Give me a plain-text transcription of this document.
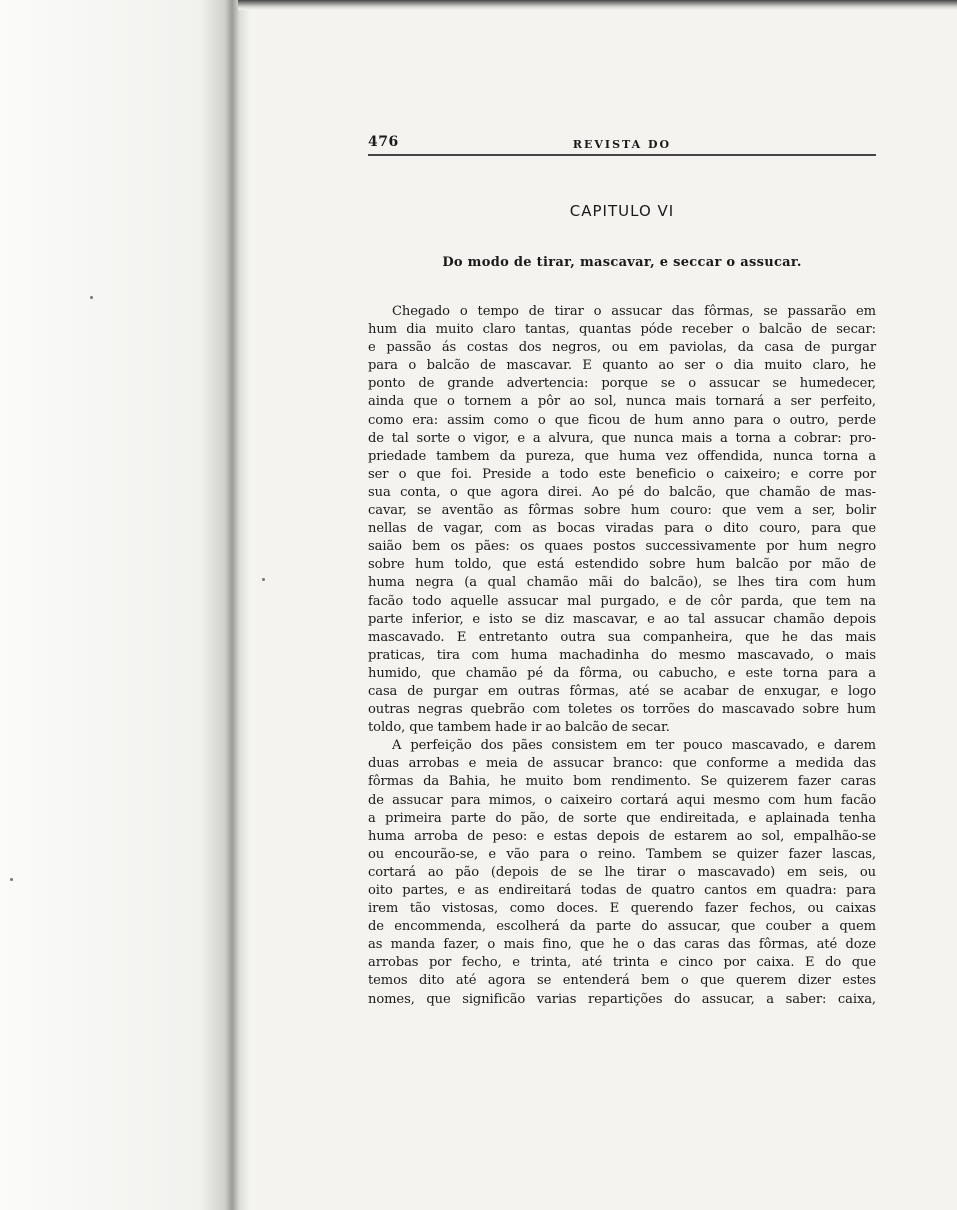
476	REVISTA DO
CAPITULO VI
Do modo de tirar, mascavar, e seccar o assucar.
Chegado o tempo de tirar o assucar das fôrmas, se passarão em
hum dia muito claro tantas, quantas póde receber o balcão de secar:
e passão ás costas dos negros, ou em paviolas, da casa de purgar
para o balcão de mascavar. E quanto ao ser o dia muito claro, he
ponto de grande advertencia: porque se o assucar se humedecer,
ainda que o tornem a pôr ao sol, nunca mais tornará a ser perfeito,
como era: assim como o que ficou de hum anno para o outro, perde
de tal sorte o vigor, e a alvura, que nunca mais a torna a cobrar: pro-
priedade tambem da pureza, que huma vez offendida, nunca torna a
ser o que foi. Preside a todo este beneficio o caixeiro; e corre por
sua conta, o que agora direi. Ao pé do balcão, que chamão de mas-
cavar, se aventão as fôrmas sobre hum couro: que vem a ser, bolir
nellas de vagar, com as bocas viradas para o dito couro, para que
saião bem os pães: os quaes postos successivamente por hum negro
sobre hum toldo, que está estendido sobre hum balcão por mão de
huma negra (a qual chamão mãi do balcão), se lhes tira com hum
facão todo aquelle assucar mal purgado, e de côr parda, que tem na
parte inferior, e isto se diz mascavar, e ao tal assucar chamão depois
mascavado. E entretanto outra sua companheira, que he das mais
praticas, tira com huma machadinha do mesmo mascavado, o mais
humido, que chamão pé da fôrma, ou cabucho, e este torna para a
casa de purgar em outras fôrmas, até se acabar de enxugar, e logo
outras negras quebrão com toletes os torrões do mascavado sobre hum
toldo, que tambem hade ir ao balcão de secar.
A perfeição dos pães consistem em ter pouco mascavado, e darem
duas arrobas e meia de assucar branco: que conforme a medida das
fôrmas da Bahia, he muito bom rendimento. Se quizerem fazer caras
de assucar para mimos, o caixeiro cortará aqui mesmo com hum facão
a primeira parte do pão, de sorte que endireitada, e aplainada tenha
huma arroba de peso: e estas depois de estarem ao sol, empalhão-se
ou encourão-se, e vão para o reino. Tambem se quizer fazer lascas,
cortará ao pão (depois de se lhe tirar o mascavado) em seis, ou
oito partes, e as endireitará todas de quatro cantos em quadra: para
irem tão vistosas, como doces. E querendo fazer fechos, ou caixas
de encommenda, escolherá da parte do assucar, que couber a quem
as manda fazer, o mais fino, que he o das caras das fôrmas, até doze
arrobas por fecho, e trinta, até trinta e cinco por caixa. E do que
temos dito até agora se entenderá bem o que querem dizer estes
nomes, que significão varias repartições do assucar, a saber: caixa,
